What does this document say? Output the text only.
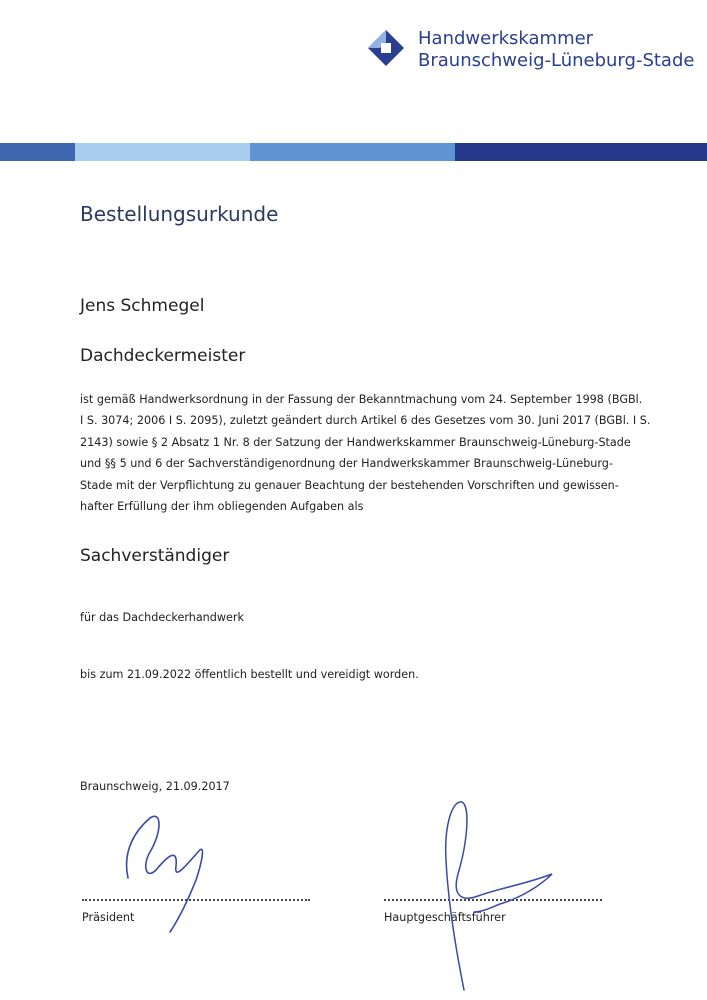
Handwerkskammer
Braunschweig-Lüneburg-Stade
Bestellungsurkunde
Jens Schmegel
Dachdeckermeister
ist gemäß Handwerksordnung in der Fassung der Bekanntmachung vom 24. September 1998 (BGBl.
I S. 3074; 2006 I S. 2095), zuletzt geändert durch Artikel 6 des Gesetzes vom 30. Juni 2017 (BGBl. I S.
2143) sowie § 2 Absatz 1 Nr. 8 der Satzung der Handwerkskammer Braunschweig-Lüneburg-Stade
und §§ 5 und 6 der Sachverständigenordnung der Handwerkskammer Braunschweig-Lüneburg-
Stade mit der Verpflichtung zu genauer Beachtung der bestehenden Vorschriften und gewissen-
hafter Erfüllung der ihm obliegenden Aufgaben als
Sachverständiger
für das Dachdeckerhandwerk
bis zum 21.09.2022 öffentlich bestellt und vereidigt worden.
Braunschweig, 21.09.2017
Präsident	Hauptgeschäftsführer
